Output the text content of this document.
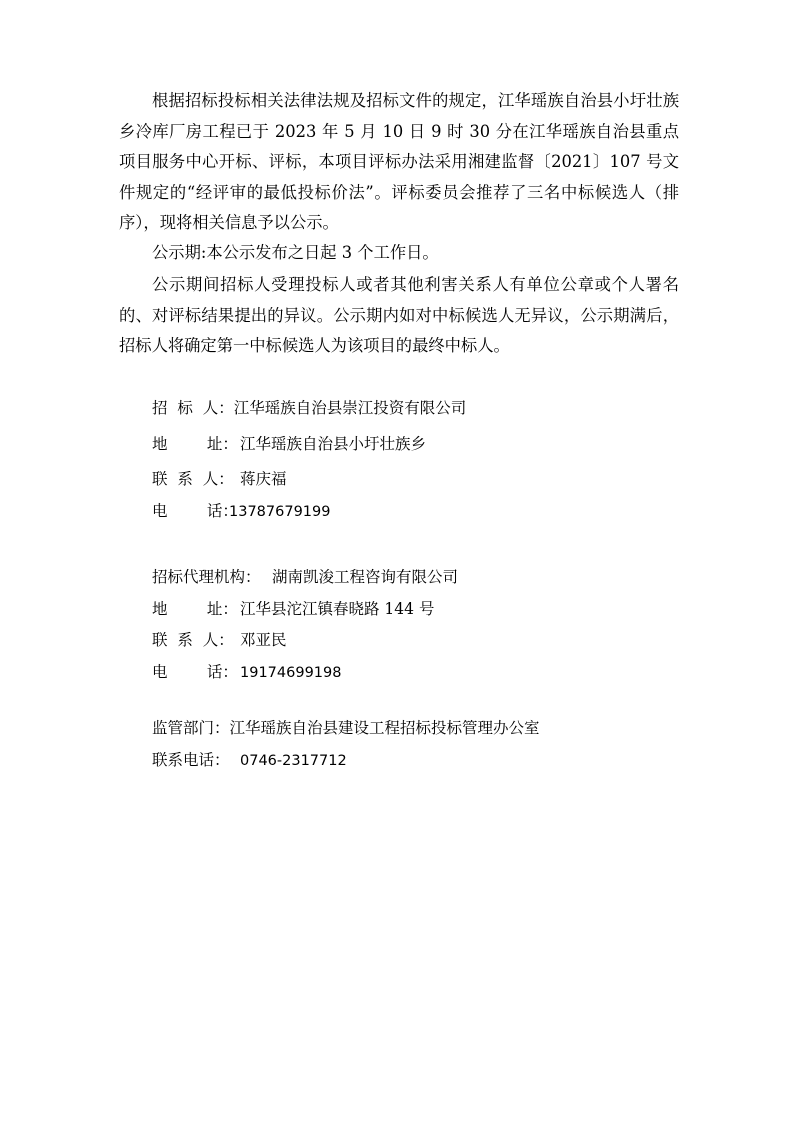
根据招标投标相关法律法规及招标文件的规定，江华瑶族自治县小圩壮族乡冷库厂房工程已于 2023 年 5 月 10 日 9 时 30 分在江华瑶族自治县重点项目服务中心开标、评标，本项目评标办法采用湘建监督〔2021〕107 号文件规定的“经评审的最低投标价法”。评标委员会推荐了三名中标候选人（排序），现将相关信息予以公示。

公示期:本公示发布之日起 3 个工作日。

公示期间招标人受理投标人或者其他利害关系人有单位公章或个人署名的、对评标结果提出的异议。公示期内如对中标候选人无异议，公示期满后，招标人将确定第一中标候选人为该项目的最终中标人。

招  标  人：江华瑶族自治县崇江投资有限公司
地        址： 江华瑶族自治县小圩壮族乡
联  系  人： 蒋庆福
电        话：13787679199
招标代理机构： 湖南凯浚工程咨询有限公司
地        址： 江华县沱江镇春晓路 144 号
联  系  人： 邓亚民
电        话： 19174699198
监管部门：江华瑶族自治县建设工程招标投标管理办公室
联系电话： 0746-2317712
